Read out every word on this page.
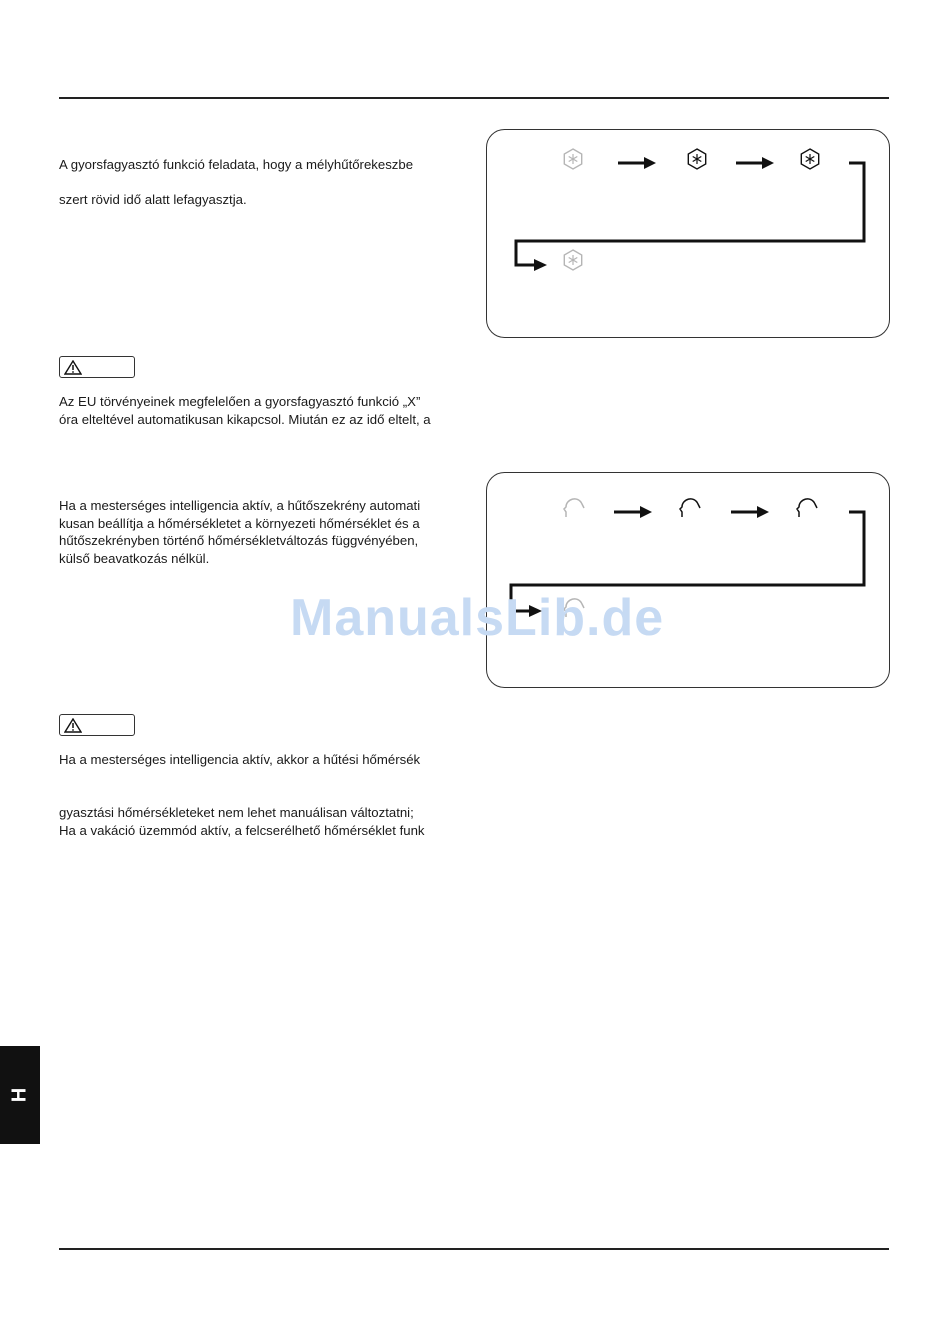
A gyorsfagyasztó funkció feladata, hogy a mélyhűtőrekeszbe

szert rövid idő alatt lefagyasztja.

Az EU törvényeinek megfelelően a gyorsfagyasztó funkció „X”
óra elteltével automatikusan kikapcsol. Miután ez az idő eltelt, a

Ha a mesterséges intelligencia aktív, a hűtőszekrény automati
kusan beállítja a hőmérsékletet a környezeti hőmérséklet és a
hűtőszekrényben történő hőmérsékletváltozás függvényében,
külső beavatkozás nélkül.

Ha a mesterséges intelligencia aktív, akkor a hűtési hőmérsék

gyasztási hőmérsékleteket nem lehet manuálisan változtatni;
Ha a vakáció üzemmód aktív, a felcserélhető hőmérséklet funk

ManualsLib.de
H
